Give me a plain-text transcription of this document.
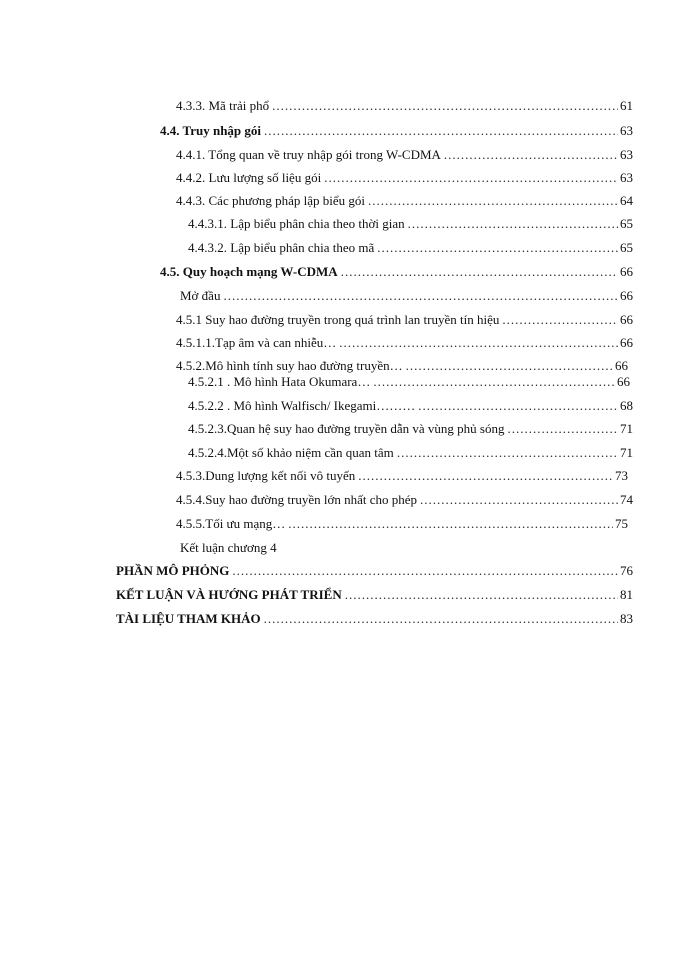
4.3.3. Mã trải phổ .....	61
4.4. Truy nhập gói .....	63
4.4.1. Tổng quan về truy nhập gói trong W-CDMA .....	63
4.4.2. Lưu lượng số liệu gói .....	63
4.4.3. Các phương pháp lập biểu gói .....	64
4.4.3.1. Lập biểu phân chia theo thời gian .....	65
4.4.3.2. Lập biểu phân chia theo mã .....	65
4.5. Quy hoạch mạng W-CDMA .....	66
Mở đầu .....	66
4.5.1 Suy hao đường truyền trong quá trình lan truyền tín hiệu .....	66
4.5.1.1.Tạp âm và can nhiễu… .....	66
4.5.2.Mô hình tính suy hao đường truyền… .....	66
4.5.2.1 . Mô hình Hata Okumara… .....	66
4.5.2.2 . Mô hình Walfisch/ Ikegami……… .....	68
4.5.2.3.Quan hệ suy hao đường truyền dẫn và vùng phủ sóng .....	71
4.5.2.4.Một số khảo niệm cần quan tâm .....	71
4.5.3.Dung lượng kết nối vô tuyến .....	73
4.5.4.Suy hao đường truyền lớn nhất cho phép .....	74
4.5.5.Tối ưu mạng… .....	75
Kết luận chương 4
PHẦN MÔ PHỎNG .....	76
KẾT LUẬN VÀ HƯỚNG PHÁT TRIỂN .....	81
TÀI LIỆU THAM KHẢO .....	83
